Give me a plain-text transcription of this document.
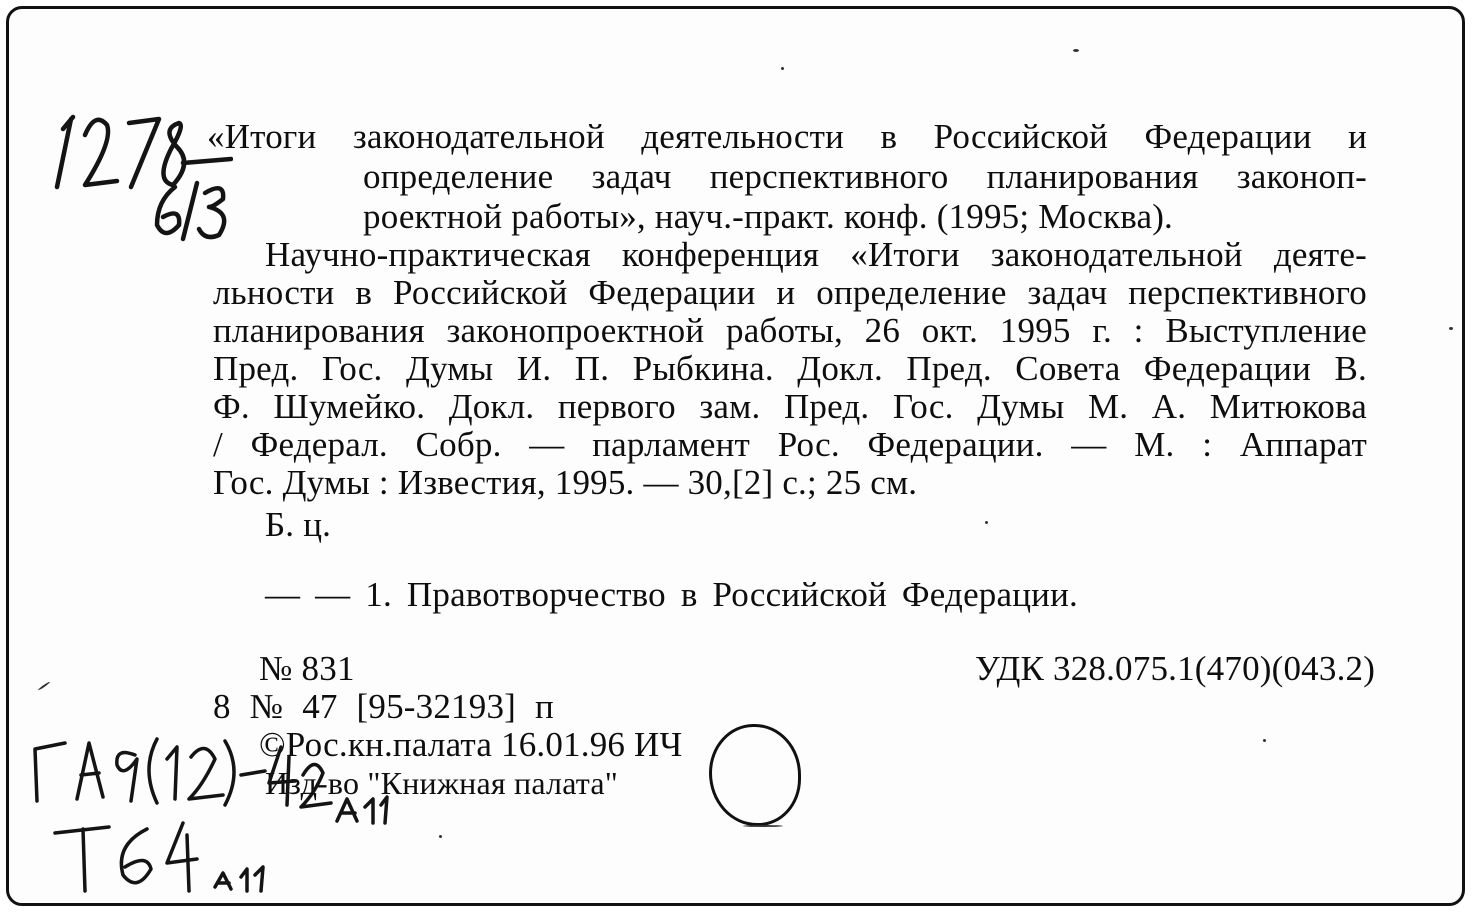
«Итоги законодательной деятельности в Российской Федерации и

определение задач перспективного планирования законоп-

роектной работы», науч.-практ. конф. (1995; Москва).

Научно-практическая конференция «Итоги законодательной деяте-

льности в Российской Федерации и определение задач перспективного

планирования законопроектной работы, 26 окт. 1995 г. : Выступление

Пред. Гос. Думы И. П. Рыбкина. Докл. Пред. Совета Федерации В.

Ф. Шумейко. Докл. первого зам. Пред. Гос. Думы М. А. Митюкова

/ Федерал. Собр. — парламент Рос. Федерации. — М. : Аппарат

Гос. Думы : Известия, 1995. — 30,[2] с.; 25 см.

Б. ц.

— — 1. Правотворчество в Российской Федерации.

№ 831	УДК 328.075.1(470)(043.2)

8 № 47 [95-32193] п

©Рос.кн.палата 16.01.96 ИЧ

Изд-во "Книжная палата"
